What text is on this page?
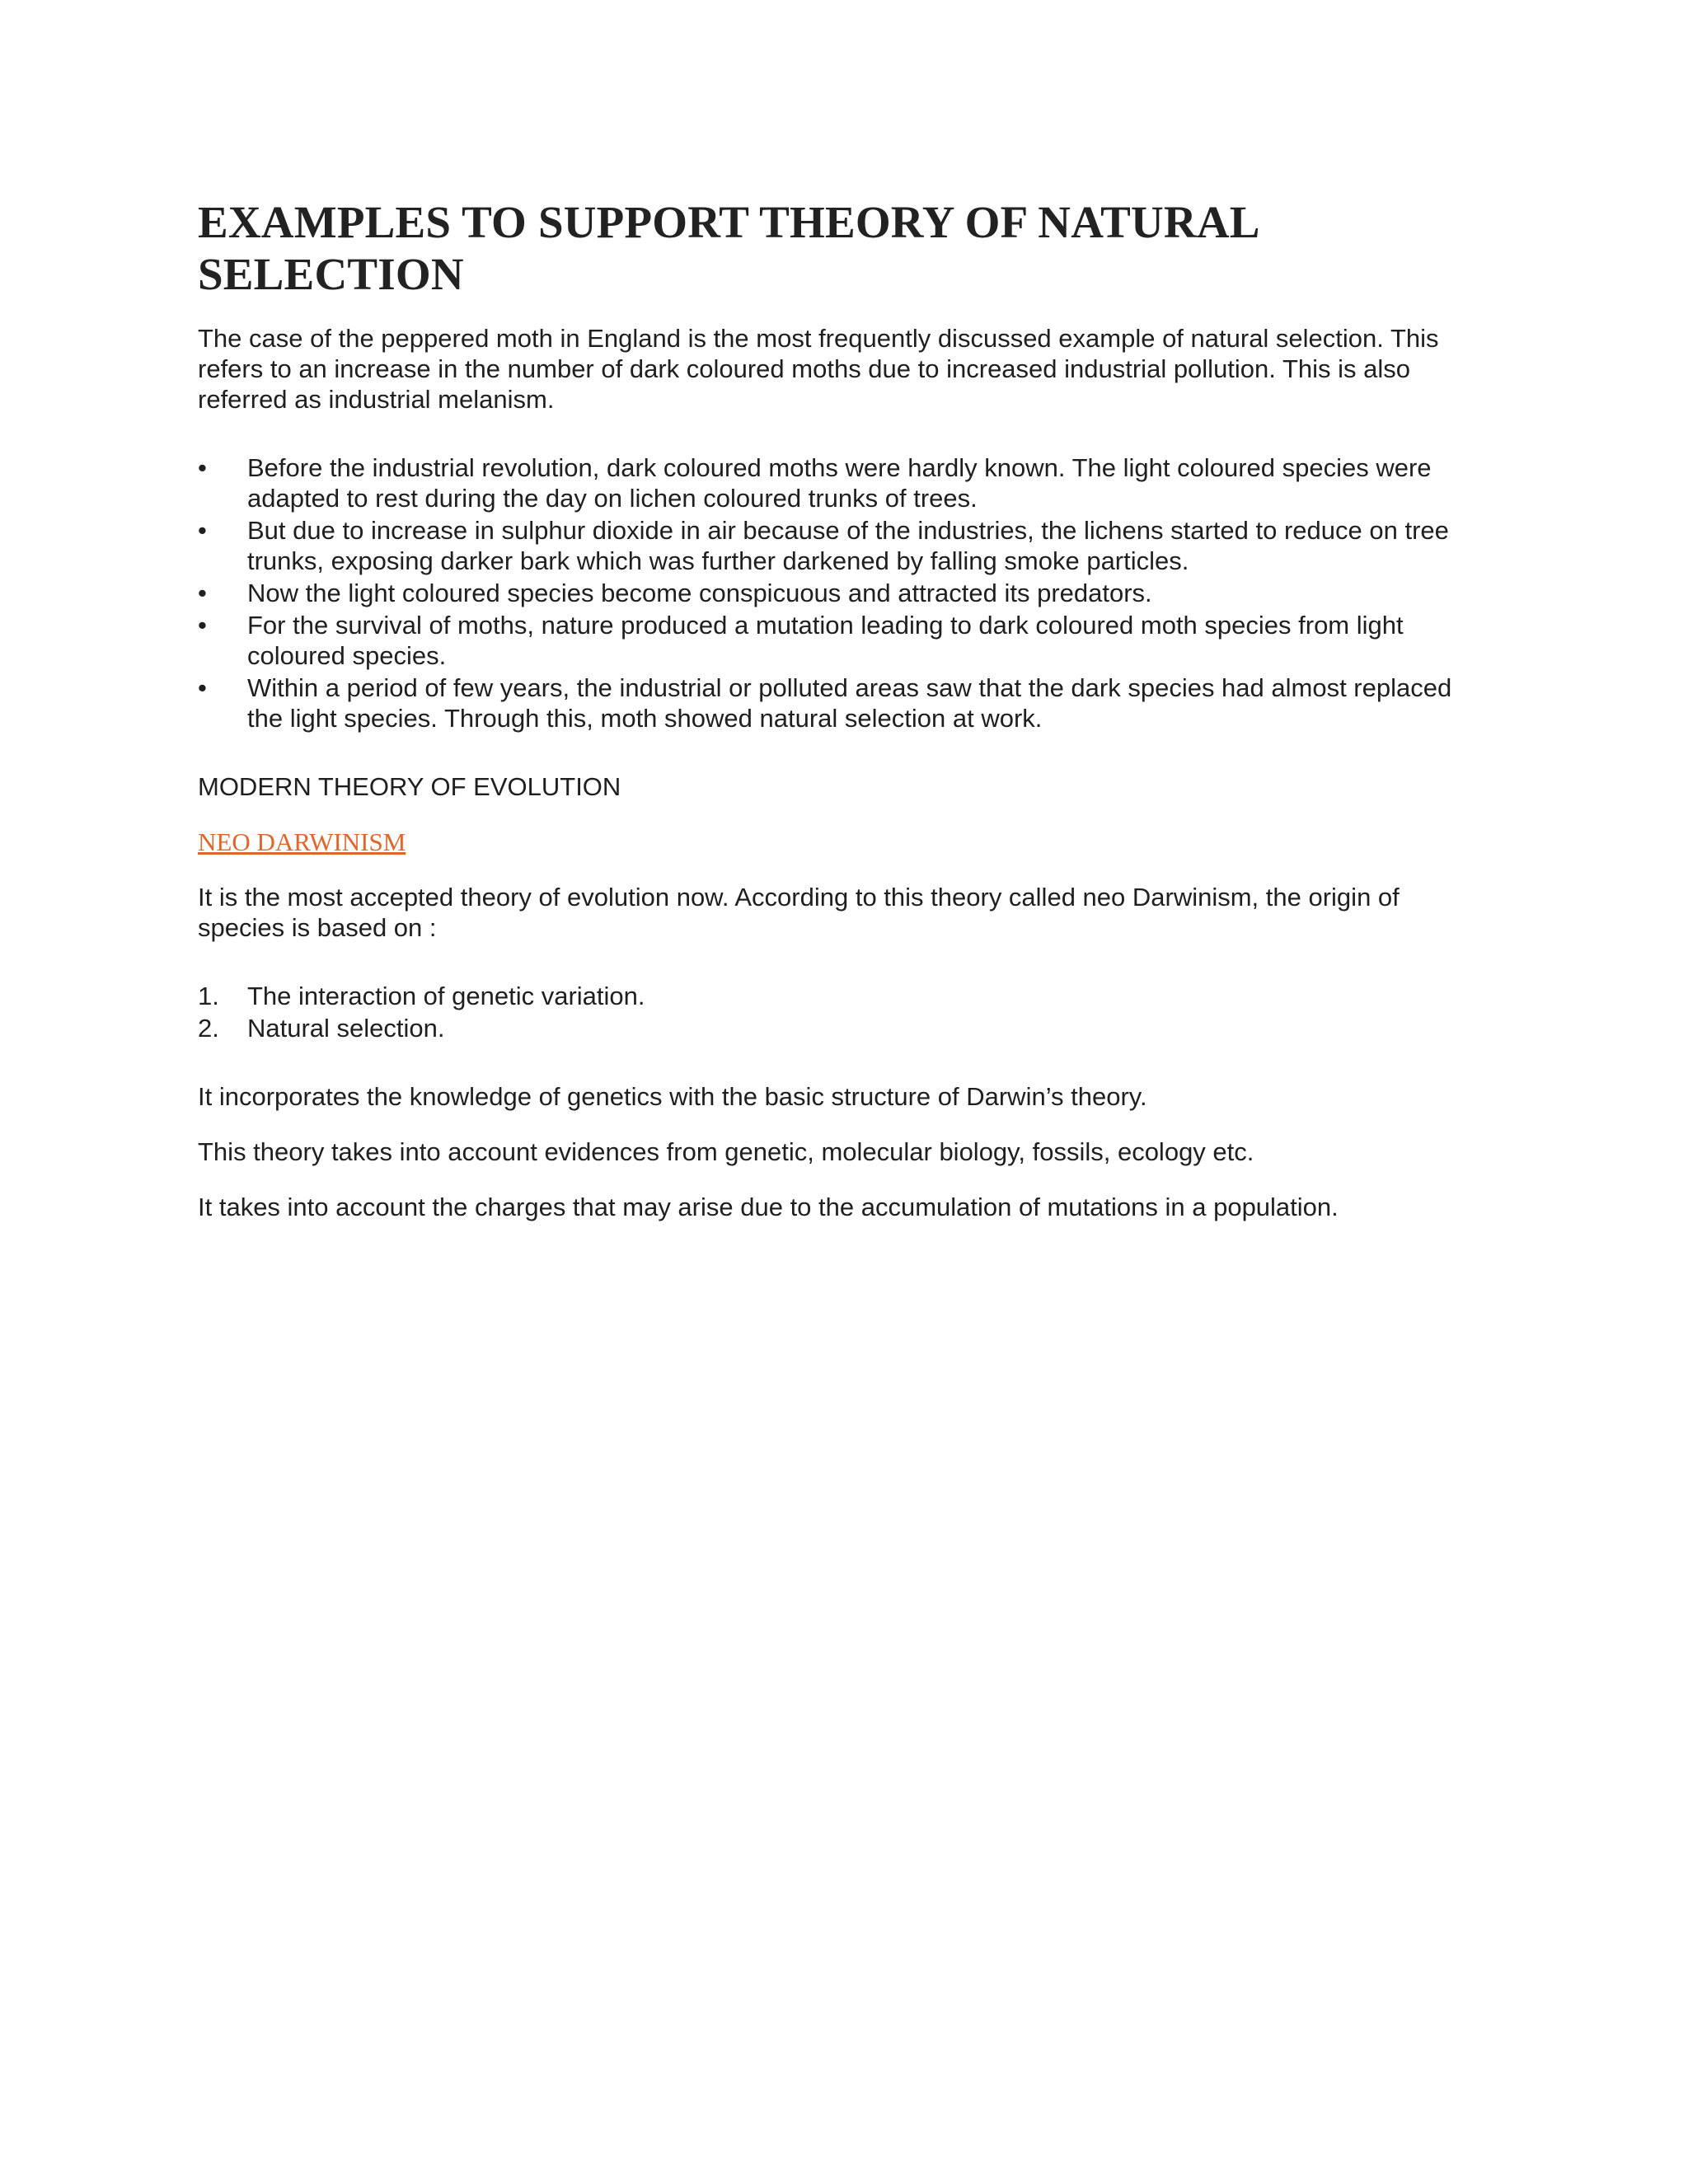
EXAMPLES TO SUPPORT THEORY OF NATURAL SELECTION

The case of the peppered moth in England is the most frequently discussed example of natural selection. This refers to an increase in the number of dark coloured moths due to increased industrial pollution. This is also referred as industrial melanism.

• Before the industrial revolution, dark coloured moths were hardly known. The light coloured species were adapted to rest during the day on lichen coloured trunks of trees.
• But due to increase in sulphur dioxide in air because of the industries, the lichens started to reduce on tree trunks, exposing darker bark which was further darkened by falling smoke particles.
• Now the light coloured species become conspicuous and attracted its predators.
• For the survival of moths, nature produced a mutation leading to dark coloured moth species from light coloured species.
• Within a period of few years, the industrial or polluted areas saw that the dark species had almost replaced the light species. Through this, moth showed natural selection at work.

MODERN THEORY OF EVOLUTION

NEO DARWINISM

It is the most accepted theory of evolution now. According to this theory called neo Darwinism, the origin of species is based on :

1. The interaction of genetic variation.
2. Natural selection.

It incorporates the knowledge of genetics with the basic structure of Darwin’s theory.

This theory takes into account evidences from genetic, molecular biology, fossils, ecology etc.

It takes into account the charges that may arise due to the accumulation of mutations in a population.
